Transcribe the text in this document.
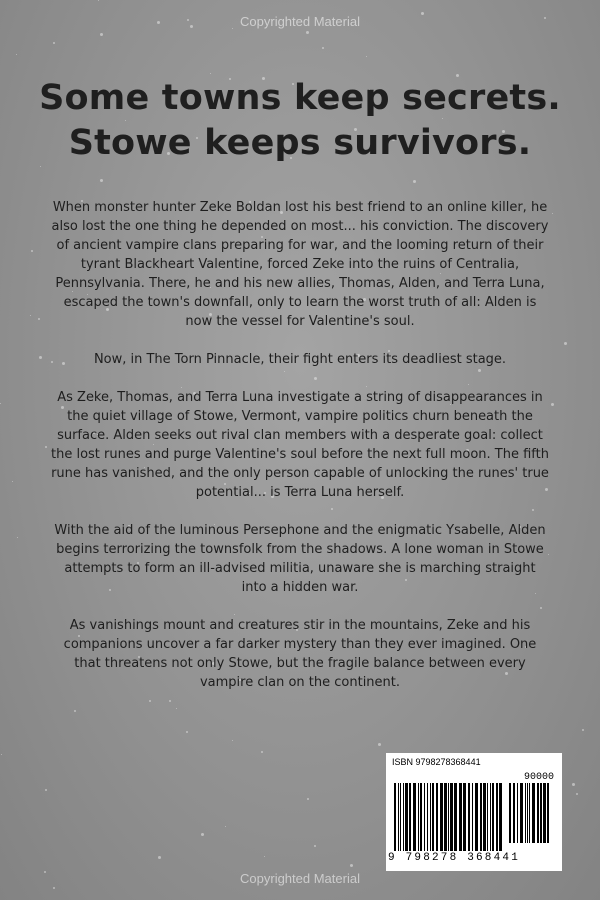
Copyrighted Material
Some towns keep secrets.
Stowe keeps survivors.

When monster hunter Zeke Boldan lost his best friend to an online killer, he also lost the one thing he depended on most... his conviction. The discovery of ancient vampire clans preparing for war, and the looming return of their tyrant Blackheart Valentine, forced Zeke into the ruins of Centralia, Pennsylvania. There, he and his new allies, Thomas, Alden, and Terra Luna, escaped the town's downfall, only to learn the worst truth of all: Alden is now the vessel for Valentine's soul.

Now, in The Torn Pinnacle, their fight enters its deadliest stage.

As Zeke, Thomas, and Terra Luna investigate a string of disappearances in the quiet village of Stowe, Vermont, vampire politics churn beneath the surface. Alden seeks out rival clan members with a desperate goal: collect the lost runes and purge Valentine's soul before the next full moon. The fifth rune has vanished, and the only person capable of unlocking the runes' true potential... is Terra Luna herself.

With the aid of the luminous Persephone and the enigmatic Ysabelle, Alden begins terrorizing the townsfolk from the shadows. A lone woman in Stowe attempts to form an ill-advised militia, unaware she is marching straight into a hidden war.

As vanishings mount and creatures stir in the mountains, Zeke and his companions uncover a far darker mystery than they ever imagined. One that threatens not only Stowe, but the fragile balance between every vampire clan on the continent.

ISBN 9798278368441
90000
9 798278 368441
Copyrighted Material
